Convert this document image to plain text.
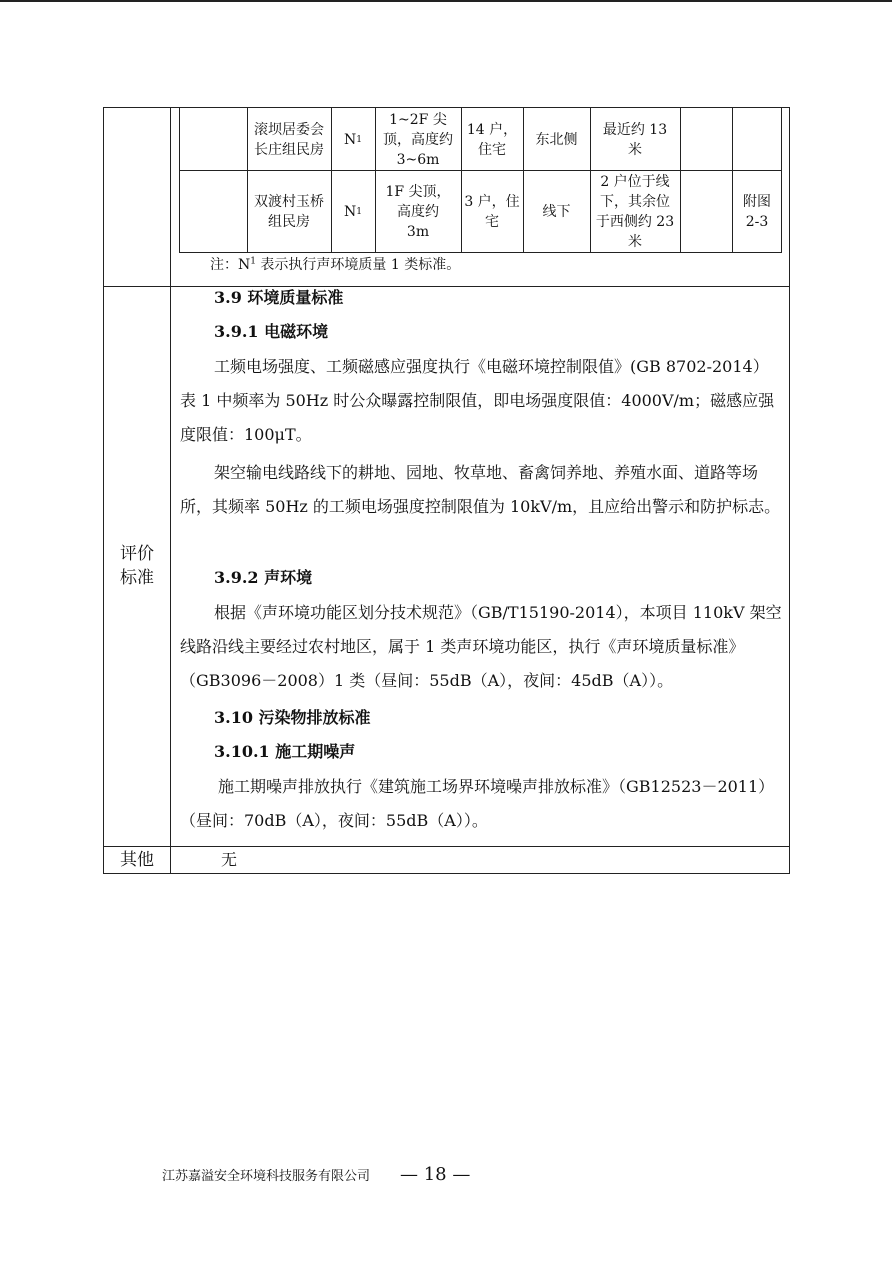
滚坝居委会长庄组民房
N 1
1~2F 尖顶，高度约 3~6m
14 户，住宅
东北侧
最近约 13 米
双渡村玉桥组民房
N 1
1F 尖顶，高度约 3m
3 户，住宅
线下
2 户位于线下，其余位于西侧约 23 米
附图 2-3
注：$N^1$ 表示执行声环境质量 1 类标准。
评价
标准
其他
3.9 环境质量标准
3.9.1 电磁环境
工频电场强度、工频磁感应强度执行《电磁环境控制限值》(GB 8702-2014）表 1 中频率为 50Hz 时公众曝露控制限值，即电场强度限值：4000V/m；磁感应强度限值：100μT。
架空输电线路线下的耕地、园地、牧草地、畜禽饲养地、养殖水面、道路等场所，其频率 50Hz 的工频电场强度控制限值为 10kV/m，且应给出警示和防护标志。
3.9.2 声环境
根据《声环境功能区划分技术规范》（GB/T15190-2014），本项目 110kV 架空线路沿线主要经过农村地区，属于 1 类声环境功能区，执行《声环境质量标准》（GB3096－2008）1 类（昼间：55dB（A），夜间：45dB（A））。
3.10 污染物排放标准
3.10.1 施工期噪声
施工期噪声排放执行《建筑施工场界环境噪声排放标准》（GB12523－2011）（昼间：70dB（A），夜间：55dB（A））。
无
江苏嘉溢安全环境科技服务有限公司 — 18 —
